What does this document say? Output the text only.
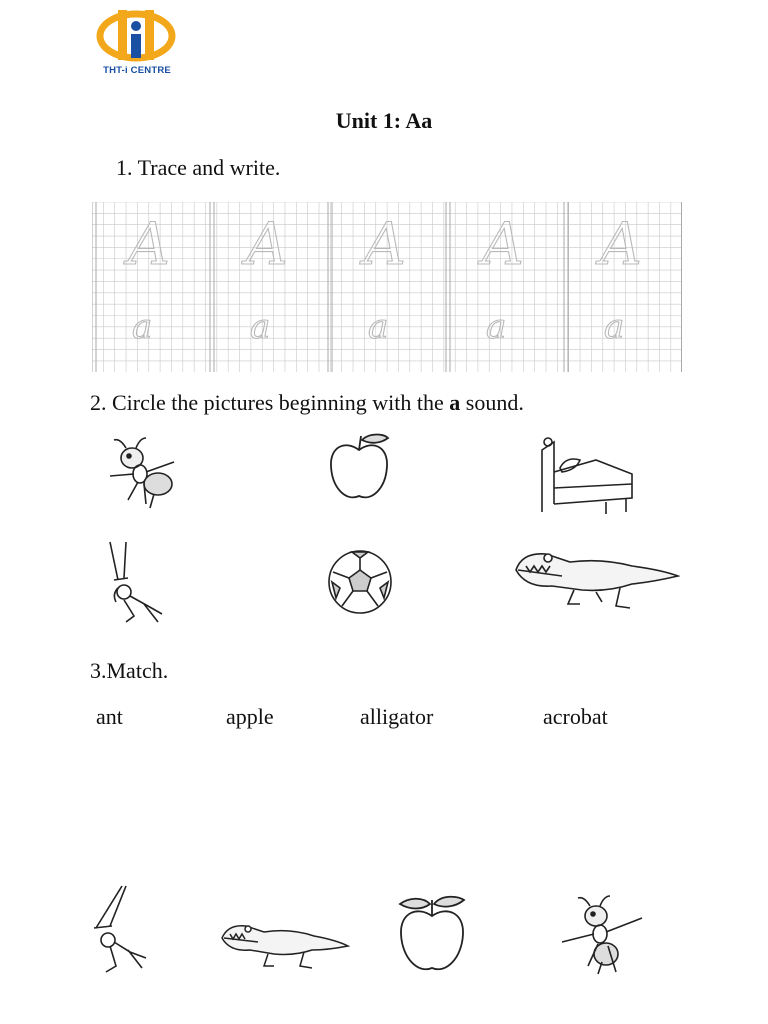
THT-i CENTRE
Unit 1: Aa
1. Trace and write.
A
a
A
a
A
a
A
a
A
a
2. Circle the pictures beginning with the a sound.
3.Match.
ant	apple	alligator	acrobat
